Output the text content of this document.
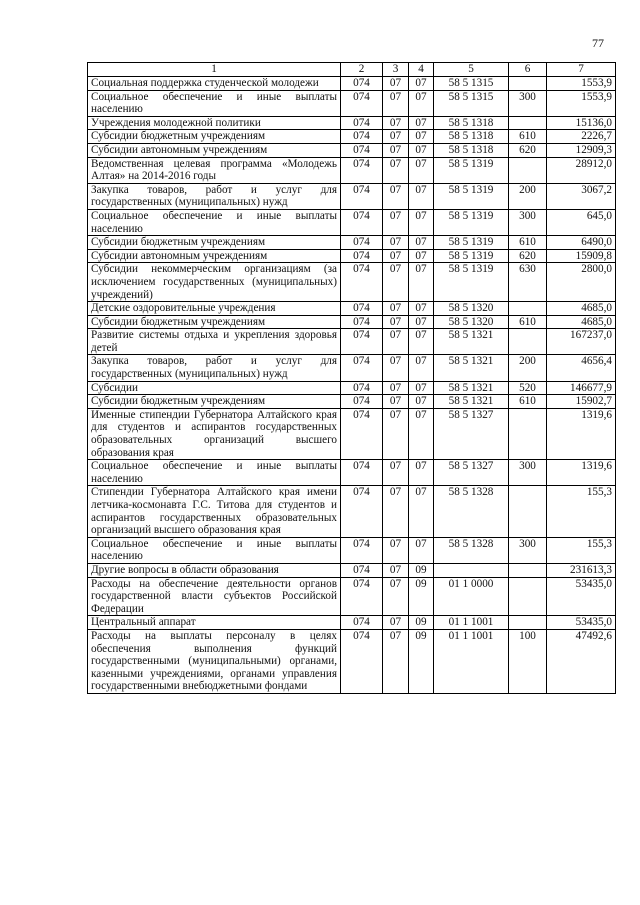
77
1	2	3	4	5	6	7
Социальная поддержка студенческой молодежи	074	07	07	58 5 1315		1553,9
Социальное обеспечение и иные выплаты населению	074	07	07	58 5 1315	300	1553,9
Учреждения молодежной политики	074	07	07	58 5 1318		15136,0
Субсидии бюджетным учреждениям	074	07	07	58 5 1318	610	2226,7
Субсидии автономным учреждениям	074	07	07	58 5 1318	620	12909,3
Ведомственная целевая программа «Молодежь Алтая» на 2014-2016 годы	074	07	07	58 5 1319		28912,0
Закупка товаров, работ и услуг для государственных (муниципальных) нужд	074	07	07	58 5 1319	200	3067,2
Социальное обеспечение и иные выплаты населению	074	07	07	58 5 1319	300	645,0
Субсидии бюджетным учреждениям	074	07	07	58 5 1319	610	6490,0
Субсидии автономным учреждениям	074	07	07	58 5 1319	620	15909,8
Субсидии некоммерческим организациям (за исключением государственных (муниципальных) учреждений)	074	07	07	58 5 1319	630	2800,0
Детские оздоровительные учреждения	074	07	07	58 5 1320		4685,0
Субсидии бюджетным учреждениям	074	07	07	58 5 1320	610	4685,0
Развитие системы отдыха и укрепления здоровья детей	074	07	07	58 5 1321		167237,0
Закупка товаров, работ и услуг для государственных (муниципальных) нужд	074	07	07	58 5 1321	200	4656,4
Субсидии	074	07	07	58 5 1321	520	146677,9
Субсидии бюджетным учреждениям	074	07	07	58 5 1321	610	15902,7
Именные стипендии Губернатора Алтайского края для студентов и аспирантов государственных образовательных организаций высшего образования края	074	07	07	58 5 1327		1319,6
Социальное обеспечение и иные выплаты населению	074	07	07	58 5 1327	300	1319,6
Стипендии Губернатора Алтайского края имени летчика-космонавта Г.С. Титова для студентов и аспирантов государственных образовательных организаций высшего образования края	074	07	07	58 5 1328		155,3
Социальное обеспечение и иные выплаты населению	074	07	07	58 5 1328	300	155,3
Другие вопросы в области образования	074	07	09			231613,3
Расходы на обеспечение деятельности органов государственной власти субъектов Российской Федерации	074	07	09	01 1 0000		53435,0
Центральный аппарат	074	07	09	01 1 1001		53435,0
Расходы на выплаты персоналу в целях обеспечения выполнения функций государственными (муниципальными) органами, казенными учреждениями, органами управления государственными внебюджетными фондами	074	07	09	01 1 1001	100	47492,6
